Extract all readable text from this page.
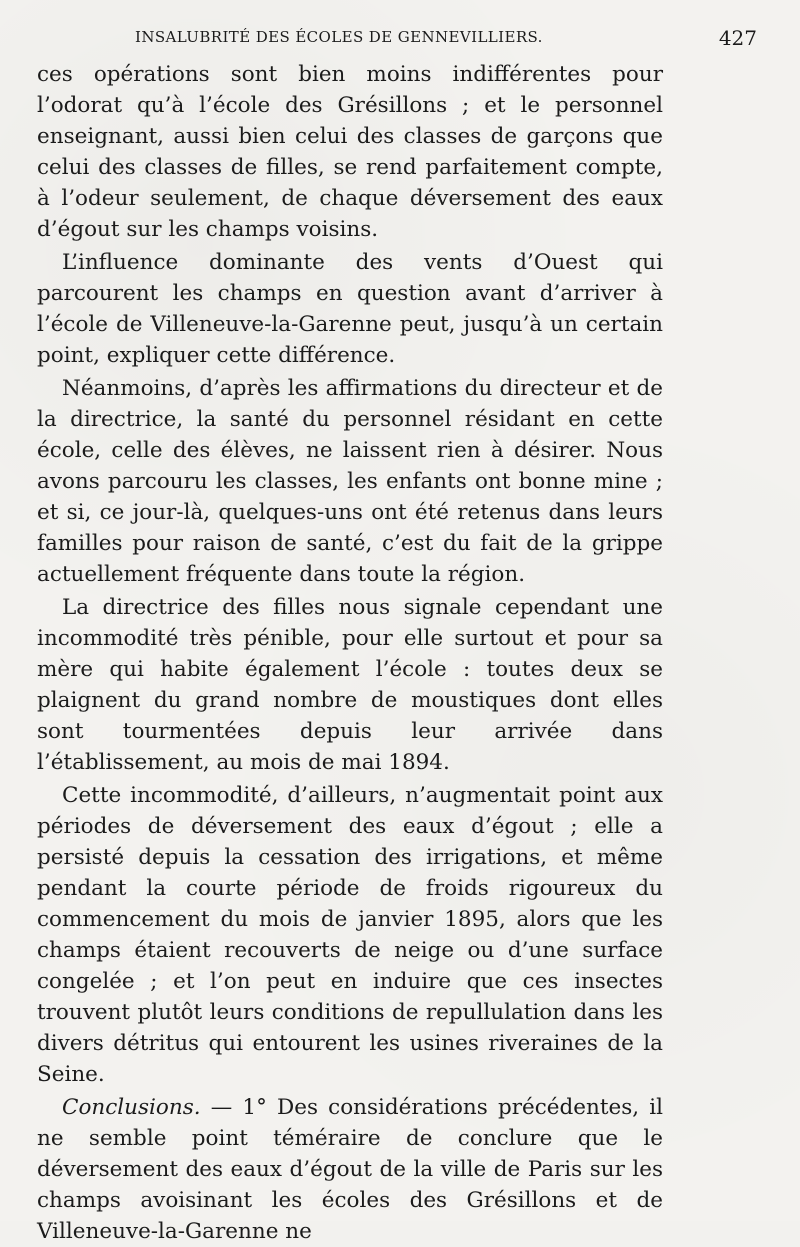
INSALUBRITÉ DES ÉCOLES DE GENNEVILLIERS.	427

ces opérations sont bien moins indifférentes pour l’odorat qu’à l’école des Grésillons ; et le personnel enseignant, aussi bien celui des classes de garçons que celui des classes de filles, se rend parfaitement compte, à l’odeur seulement, de chaque déversement des eaux d’égout sur les champs voisins.

L’influence dominante des vents d’Ouest qui parcourent les champs en question avant d’arriver à l’école de Villeneuve-la-Garenne peut, jusqu’à un certain point, expliquer cette différence.

Néanmoins, d’après les affirmations du directeur et de la directrice, la santé du personnel résidant en cette école, celle des élèves, ne laissent rien à désirer. Nous avons parcouru les classes, les enfants ont bonne mine ; et si, ce jour-là, quelques-uns ont été retenus dans leurs familles pour raison de santé, c’est du fait de la grippe actuellement fréquente dans toute la région.

La directrice des filles nous signale cependant une incommodité très pénible, pour elle surtout et pour sa mère qui habite également l’école : toutes deux se plaignent du grand nombre de moustiques dont elles sont tourmentées depuis leur arrivée dans l’établissement, au mois de mai 1894.

Cette incommodité, d’ailleurs, n’augmentait point aux périodes de déversement des eaux d’égout ; elle a persisté depuis la cessation des irrigations, et même pendant la courte période de froids rigoureux du commencement du mois de janvier 1895, alors que les champs étaient recouverts de neige ou d’une surface congelée ; et l’on peut en induire que ces insectes trouvent plutôt leurs conditions de repullulation dans les divers détritus qui entourent les usines riveraines de la Seine.

Conclusions. — 1° Des considérations précédentes, il ne semble point téméraire de conclure que le déversement des eaux d’égout de la ville de Paris sur les champs avoisinant les écoles des Grésillons et de Villeneuve-la-Garenne ne
